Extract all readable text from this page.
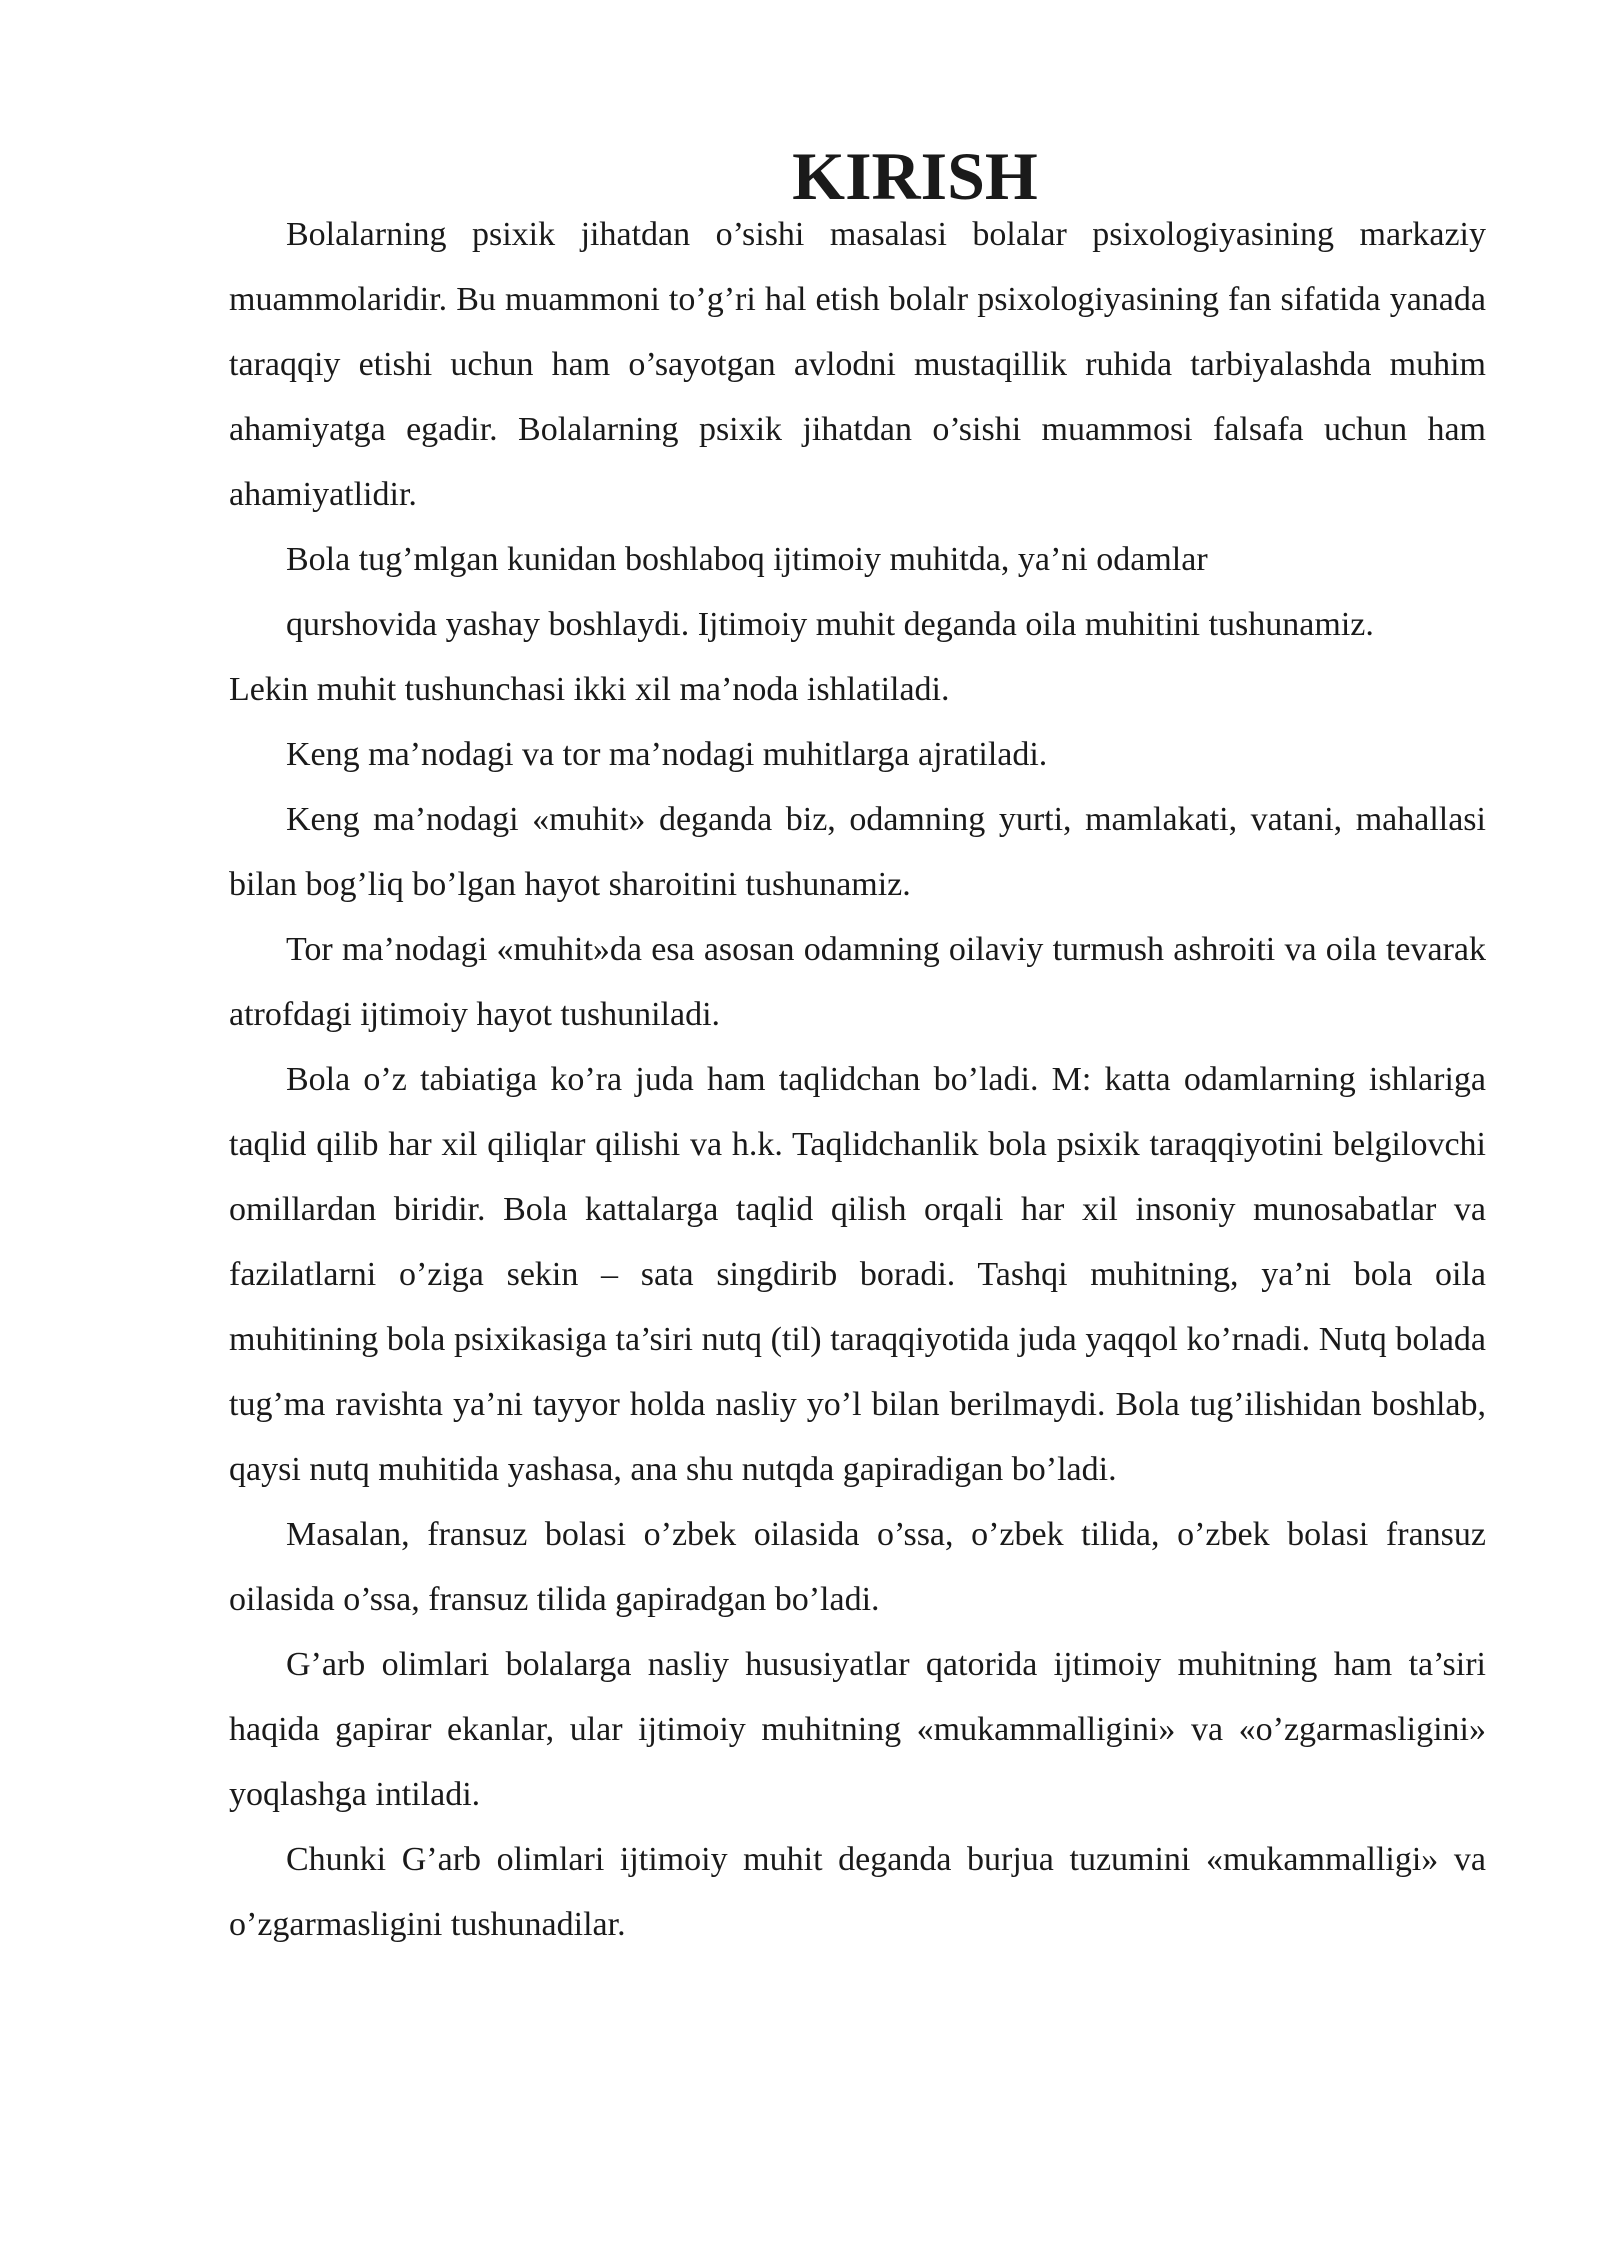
KIRISH

Bolalarning psixik jihatdan o’sishi masalasi bolalar psixologiyasining markaziy muammolaridir. Bu muammoni to’g’ri hal etish bolalr psixologiyasining fan sifatida yanada taraqqiy etishi uchun ham o’sayotgan avlodni mustaqillik ruhida tarbiyalashda muhim ahamiyatga egadir. Bolalarning psixik jihatdan o’sishi muammosi falsafa uchun ham ahamiyatlidir.

Bola tug’mlgan kunidan boshlaboq ijtimoiy muhitda, ya’ni odamlar

qurshovida yashay boshlaydi. Ijtimoiy muhit deganda oila muhitini tushunamiz.

Lekin muhit tushunchasi ikki xil ma’noda ishlatiladi.

Keng ma’nodagi va tor ma’nodagi muhitlarga ajratiladi.

Keng ma’nodagi «muhit» deganda biz, odamning yurti, mamlakati, vatani, mahallasi bilan bog’liq bo’lgan hayot sharoitini tushunamiz.

Tor ma’nodagi «muhit»da esa asosan odamning oilaviy turmush ashroiti va oila tevarak atrofdagi ijtimoiy hayot tushuniladi.

Bola o’z tabiatiga ko’ra juda ham taqlidchan bo’ladi. M: katta odamlarning ishlariga taqlid qilib har xil qiliqlar qilishi va h.k. Taqlidchanlik bola psixik taraqqiyotini belgilovchi omillardan biridir. Bola kattalarga taqlid qilish orqali har xil insoniy munosabatlar va fazilatlarni o’ziga sekin – sata singdirib boradi. Tashqi muhitning, ya’ni bola oila muhitining bola psixikasiga ta’siri nutq (til) taraqqiyotida juda yaqqol ko’rnadi. Nutq bolada tug’ma ravishta ya’ni tayyor holda nasliy yo’l bilan berilmaydi. Bola tug’ilishidan boshlab, qaysi nutq muhitida yashasa, ana shu nutqda gapiradigan bo’ladi.

Masalan, fransuz bolasi o’zbek oilasida o’ssa, o’zbek tilida, o’zbek bolasi fransuz oilasida o’ssa, fransuz tilida gapiradgan bo’ladi.

G’arb olimlari bolalarga nasliy hususiyatlar qatorida ijtimoiy muhitning ham ta’siri haqida gapirar ekanlar, ular ijtimoiy muhitning «mukammalligini» va «o’zgarmasligini» yoqlashga intiladi.

Chunki G’arb olimlari ijtimoiy muhit deganda burjua tuzumini «mukammalligi» va o’zgarmasligini tushunadilar.
